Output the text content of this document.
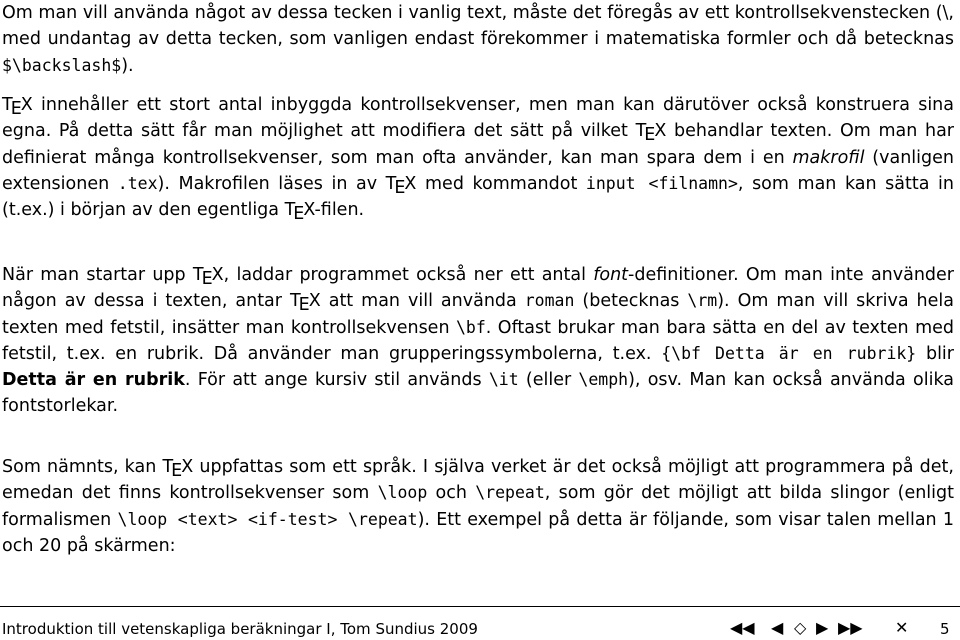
Om man vill använda något av dessa tecken i vanlig text, måste det föregås av ett kontrollsekvenstecken (\, med undantag av detta tecken, som vanligen endast förekommer i matematiska formler och då betecknas $\backslash$).

TEX innehåller ett stort antal inbyggda kontrollsekvenser, men man kan därutöver också konstruera sina egna. På detta sätt får man möjlighet att modifiera det sätt på vilket TEX behandlar texten. Om man har definierat många kontrollsekvenser, som man ofta använder, kan man spara dem i en makrofil (vanligen extensionen .tex). Makrofilen läses in av TEX med kommandot input <filnamn>, som man kan sätta in (t.ex.) i början av den egentliga TEX-filen.

När man startar upp TEX, laddar programmet också ner ett antal font-definitioner. Om man inte använder någon av dessa i texten, antar TEX att man vill använda roman (betecknas \rm). Om man vill skriva hela texten med fetstil, insätter man kontrollsekvensen \bf. Oftast brukar man bara sätta en del av texten med fetstil, t.ex. en rubrik. Då använder man grupperingssymbolerna, t.ex. {\bf Detta är en rubrik} blir Detta är en rubrik. För att ange kursiv stil används \it (eller \emph), osv. Man kan också använda olika fontstorlekar.

Som nämnts, kan TEX uppfattas som ett språk. I själva verket är det också möjligt att programmera på det, emedan det finns kontrollsekvenser som \loop och \repeat, som gör det möjligt att bilda slingor (enligt formalismen \loop <text> <if-test> \repeat). Ett exempel på detta är följande, som visar talen mellan 1 och 20 på skärmen:

Introduktion till vetenskapliga beräkningar I, Tom Sundius 2009	◀◀ ◀ ◇ ▶ ▶▶ ✕ 5
